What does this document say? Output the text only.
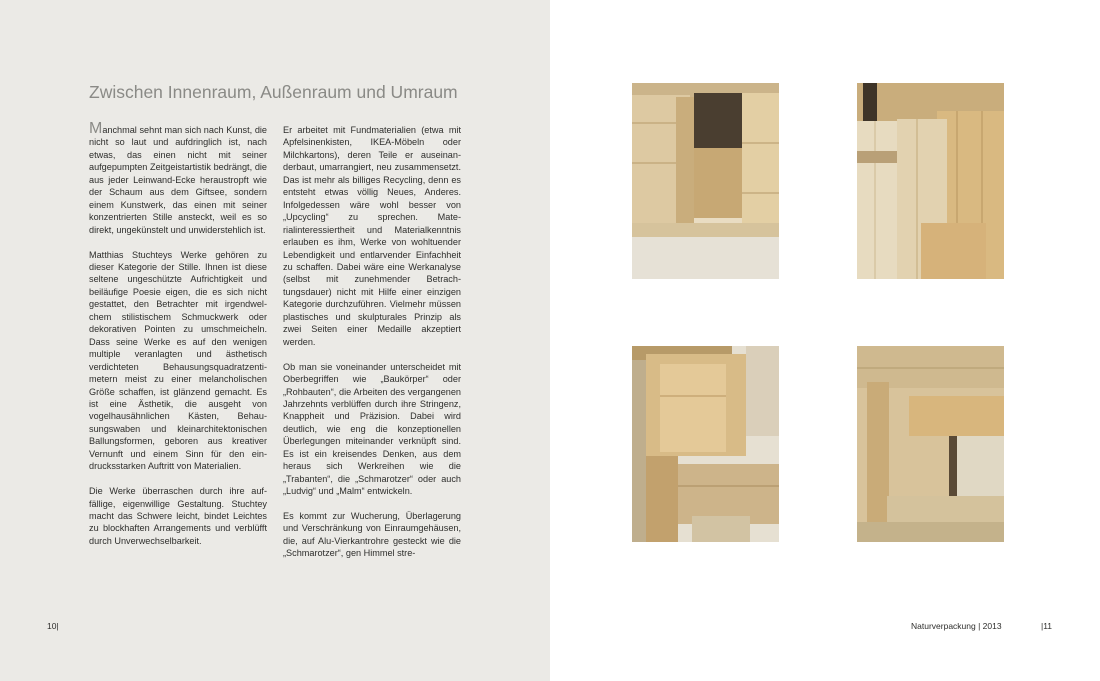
Zwischen Innenraum, Außenraum und Umraum

Manchmal sehnt man sich nach Kunst, die nicht so laut und aufdringlich ist, nach etwas, das einen nicht mit seiner aufgepumpten Zeitgeistartistik bedrängt, die aus jeder Leinwand-Ecke heraustropft wie der Schaum aus dem Giftsee, sondern einem Kunstwerk, das einen mit seiner konzentrierten Stille ansteckt, weil es so direkt, ungekünstelt und unwiderstehlich ist.

Matthias Stuchteys Werke gehören zu dieser Kategorie der Stille. Ihnen ist diese seltene ungeschützte Aufrichtigkeit und beiläufige Poesie eigen, die es sich nicht gestattet, den Betrachter mit irgendwelchem stilistischem Schmuckwerk oder dekorativen Pointen zu umschmeicheln. Dass seine Werke es auf den wenigen multiple veranlagten und ästhetisch verdichteten Behausungsquadratzentimetern meist zu einer melancholischen Größe schaffen, ist glänzend gemacht. Es ist eine Ästhetik, die ausgeht von vogelhausähnlichen Kästen, Behausungswaben und kleinarchitektonischen Ballungsformen, geboren aus kreativer Vernunft und einem Sinn für den eindrucksstarken Auftritt von Materialien.

Die Werke überraschen durch ihre auffällige, eigenwillige Gestaltung. Stuchtey macht das Schwere leicht, bindet Leichtes zu blockhaften Arrangements und verblüfft durch Unverwechselbarkeit.

Er arbeitet mit Fundmaterialien (etwa mit Apfelsinenkisten, IKEA-Möbeln oder Milchkartons), deren Teile er auseinanderbaut, umarrangiert, neu zusammensetzt. Das ist mehr als billiges Recycling, denn es entsteht etwas völlig Neues, Anderes. Infolgedessen wäre wohl besser von „Upcycling“ zu sprechen. Materialinteressiertheit und Materialkenntnis erlauben es ihm, Werke von wohltuender Lebendigkeit und entlarvender Einfachheit zu schaffen. Dabei wäre eine Werkanalyse (selbst mit zunehmender Betrachtungsdauer) nicht mit Hilfe einer einzigen Kategorie durchzuführen. Vielmehr müssen plastisches und skulpturales Prinzip als zwei Seiten einer Medaille akzeptiert werden.

Ob man sie voneinander unterscheidet mit Oberbegriffen wie „Baukörper“ oder „Rohbauten“, die Arbeiten des vergangenen Jahrzehnts verblüffen durch ihre Stringenz, Knappheit und Präzision. Dabei wird deutlich, wie eng die konzeptionellen Überlegungen miteinander verknüpft sind. Es ist ein kreisendes Denken, aus dem heraus sich Werkreihen wie die „Trabanten“, die „Schmarotzer“ oder auch „Ludvig“ und „Malm“ entwickeln.

Es kommt zur Wucherung, Überlagerung und Verschränkung von Einraumgehäusen, die, auf Alu-Vierkantrohre gesteckt wie die „Schmarotzer“, gen Himmel stre-

10|	Naturverpackung | 2013	|11
